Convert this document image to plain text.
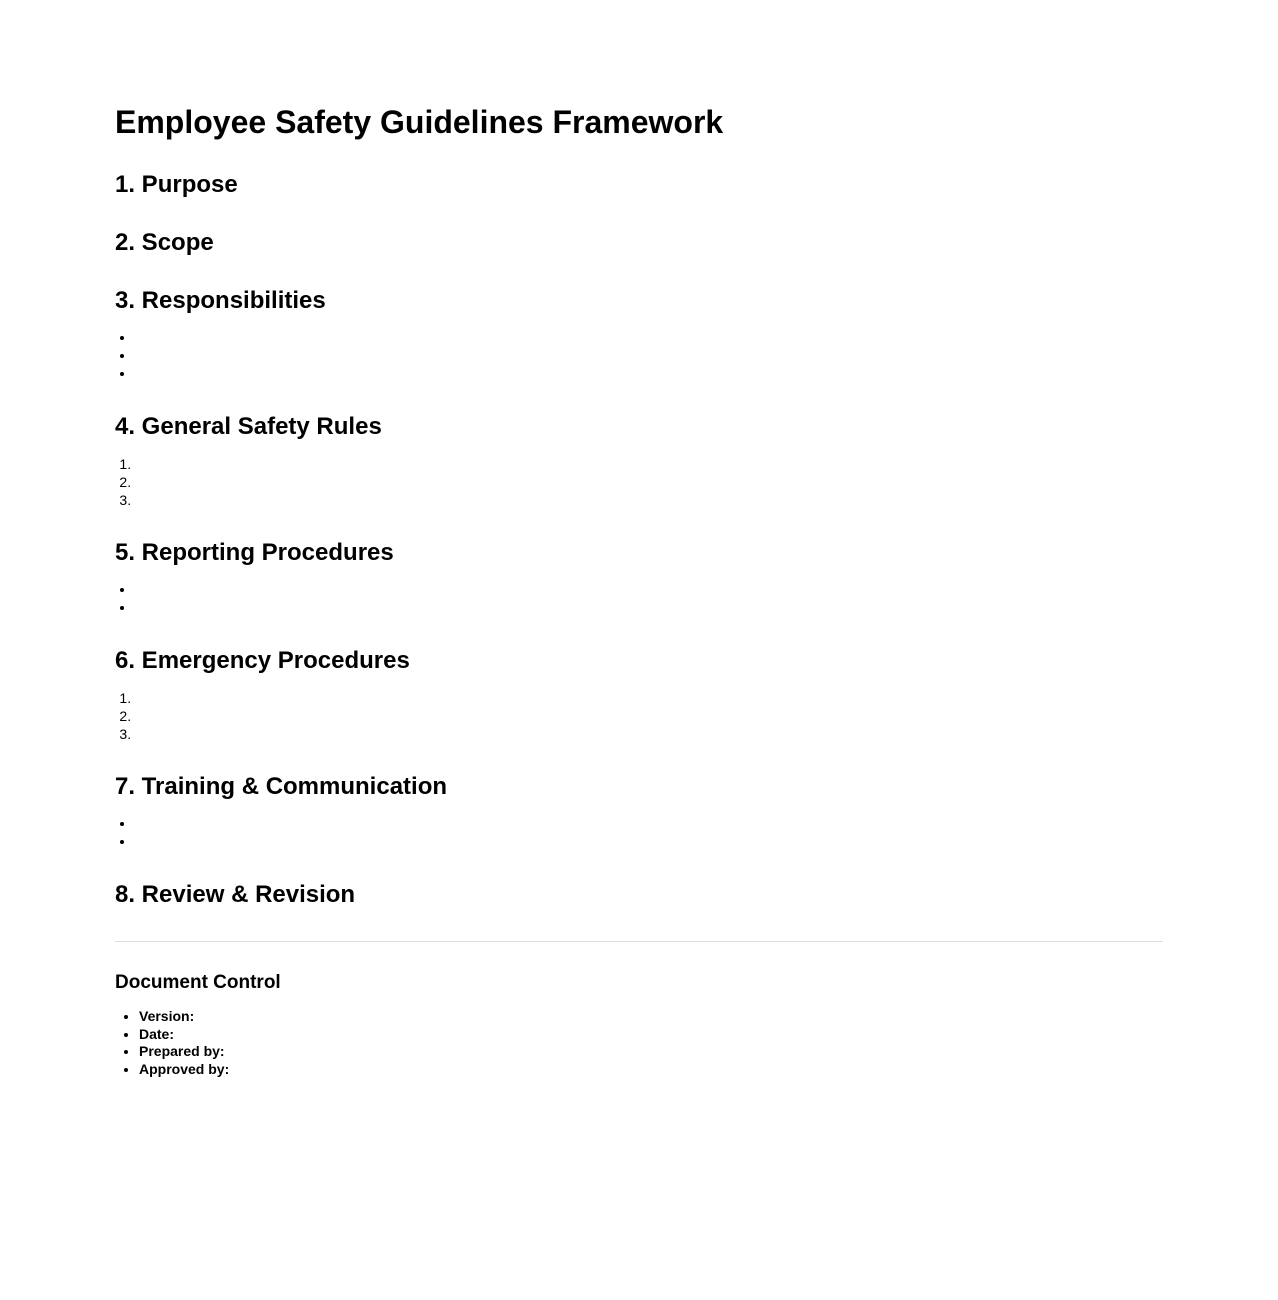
Employee Safety Guidelines Framework
1. Purpose
2. Scope
3. Responsibilities
•
•
•
4. General Safety Rules
1.
2.
3.
5. Reporting Procedures
•
•
6. Emergency Procedures
1.
2.
3.
7. Training & Communication
•
•
8. Review & Revision
Document Control
• Version:
• Date:
• Prepared by:
• Approved by:
